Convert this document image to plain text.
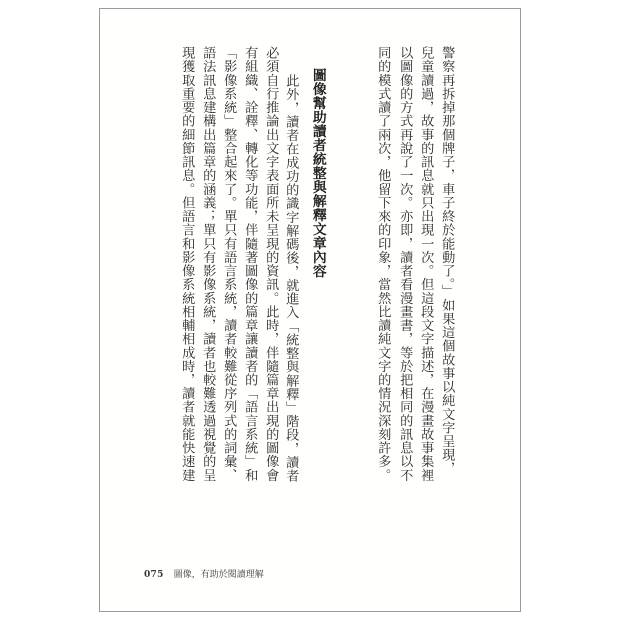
警察再拆掉那個牌子，車子終於能動了。」如果這個故事以純文字呈現，
兒童讀過，故事的訊息就只出現一次。但這段文字描述，在漫畫故事集裡
以圖像的方式再說了一次。亦即，讀者看漫畫書，等於把相同的訊息以不
同的模式讀了兩次，他留下來的印象，當然比讀純文字的情況深刻許多。
圖像幫助讀者統整與解釋文章內容
此外，讀者在成功的識字解碼後，就進入「統整與解釋」階段，讀者
必須自行推論出文字表面所未呈現的資訊。此時，伴隨篇章出現的圖像會
有組織、詮釋、轉化等功能，伴隨著圖像的篇章讓讀者的「語言系統」和
「影像系統」整合起來了。單只有語言系統，讀者較難從序列式的詞彙、
語法訊息建構出篇章的涵義；單只有影像系統，讀者也較難透過視覺的呈
現獲取重要的細節訊息。但語言和影像系統相輔相成時，讀者就能快速建
075 圖像，有助於閱讀理解
